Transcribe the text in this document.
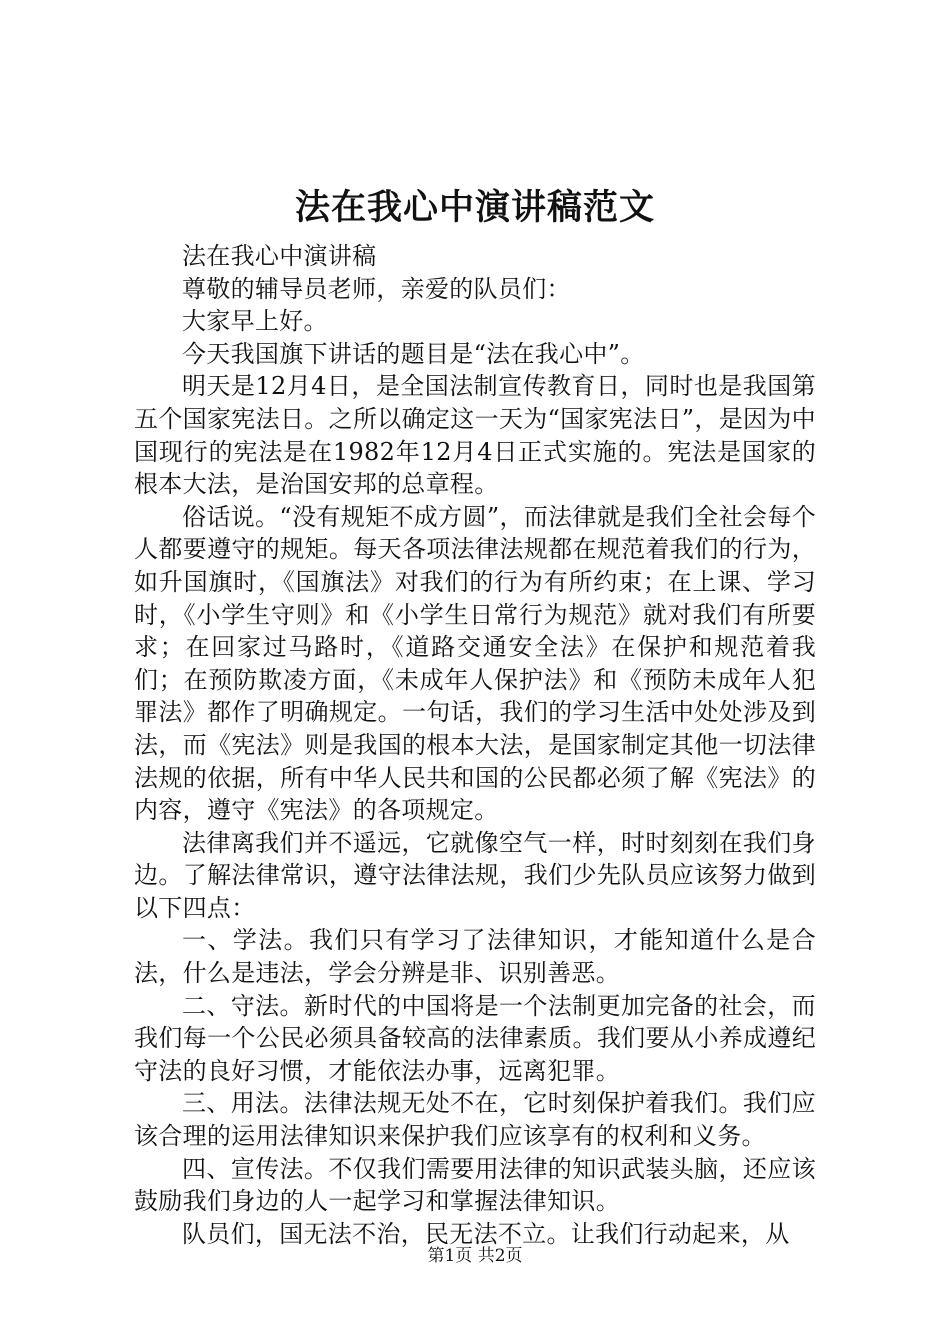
法在我心中演讲稿范文

法在我心中演讲稿

尊敬的辅导员老师，亲爱的队员们：

大家早上好。

今天我国旗下讲话的题目是“法在我心中”。

明天是12月4日，是全国法制宣传教育日，同时也是我国第五个国家宪法日。之所以确定这一天为“国家宪法日”，是因为中国现行的宪法是在1982年12月4日正式实施的。宪法是国家的根本大法，是治国安邦的总章程。

俗话说。“没有规矩不成方圆”，而法律就是我们全社会每个人都要遵守的规矩。每天各项法律法规都在规范着我们的行为，如升国旗时，《国旗法》对我们的行为有所约束；在上课、学习时，《小学生守则》和《小学生日常行为规范》就对我们有所要求；在回家过马路时，《道路交通安全法》在保护和规范着我们；在预防欺凌方面，《未成年人保护法》和《预防未成年人犯罪法》都作了明确规定。一句话，我们的学习生活中处处涉及到法，而《宪法》则是我国的根本大法，是国家制定其他一切法律法规的依据，所有中华人民共和国的公民都必须了解《宪法》的内容，遵守《宪法》的各项规定。

法律离我们并不遥远，它就像空气一样，时时刻刻在我们身边。了解法律常识，遵守法律法规，我们少先队员应该努力做到以下四点：

一、学法。我们只有学习了法律知识，才能知道什么是合法，什么是违法，学会分辨是非、识别善恶。

二、守法。新时代的中国将是一个法制更加完备的社会，而我们每一个公民必须具备较高的法律素质。我们要从小养成遵纪守法的良好习惯，才能依法办事，远离犯罪。

三、用法。法律法规无处不在，它时刻保护着我们。我们应该合理的运用法律知识来保护我们应该享有的权利和义务。

四、宣传法。不仅我们需要用法律的知识武装头脑，还应该鼓励我们身边的人一起学习和掌握法律知识。

队员们，国无法不治，民无法不立。让我们行动起来，从

第1页 共2页
